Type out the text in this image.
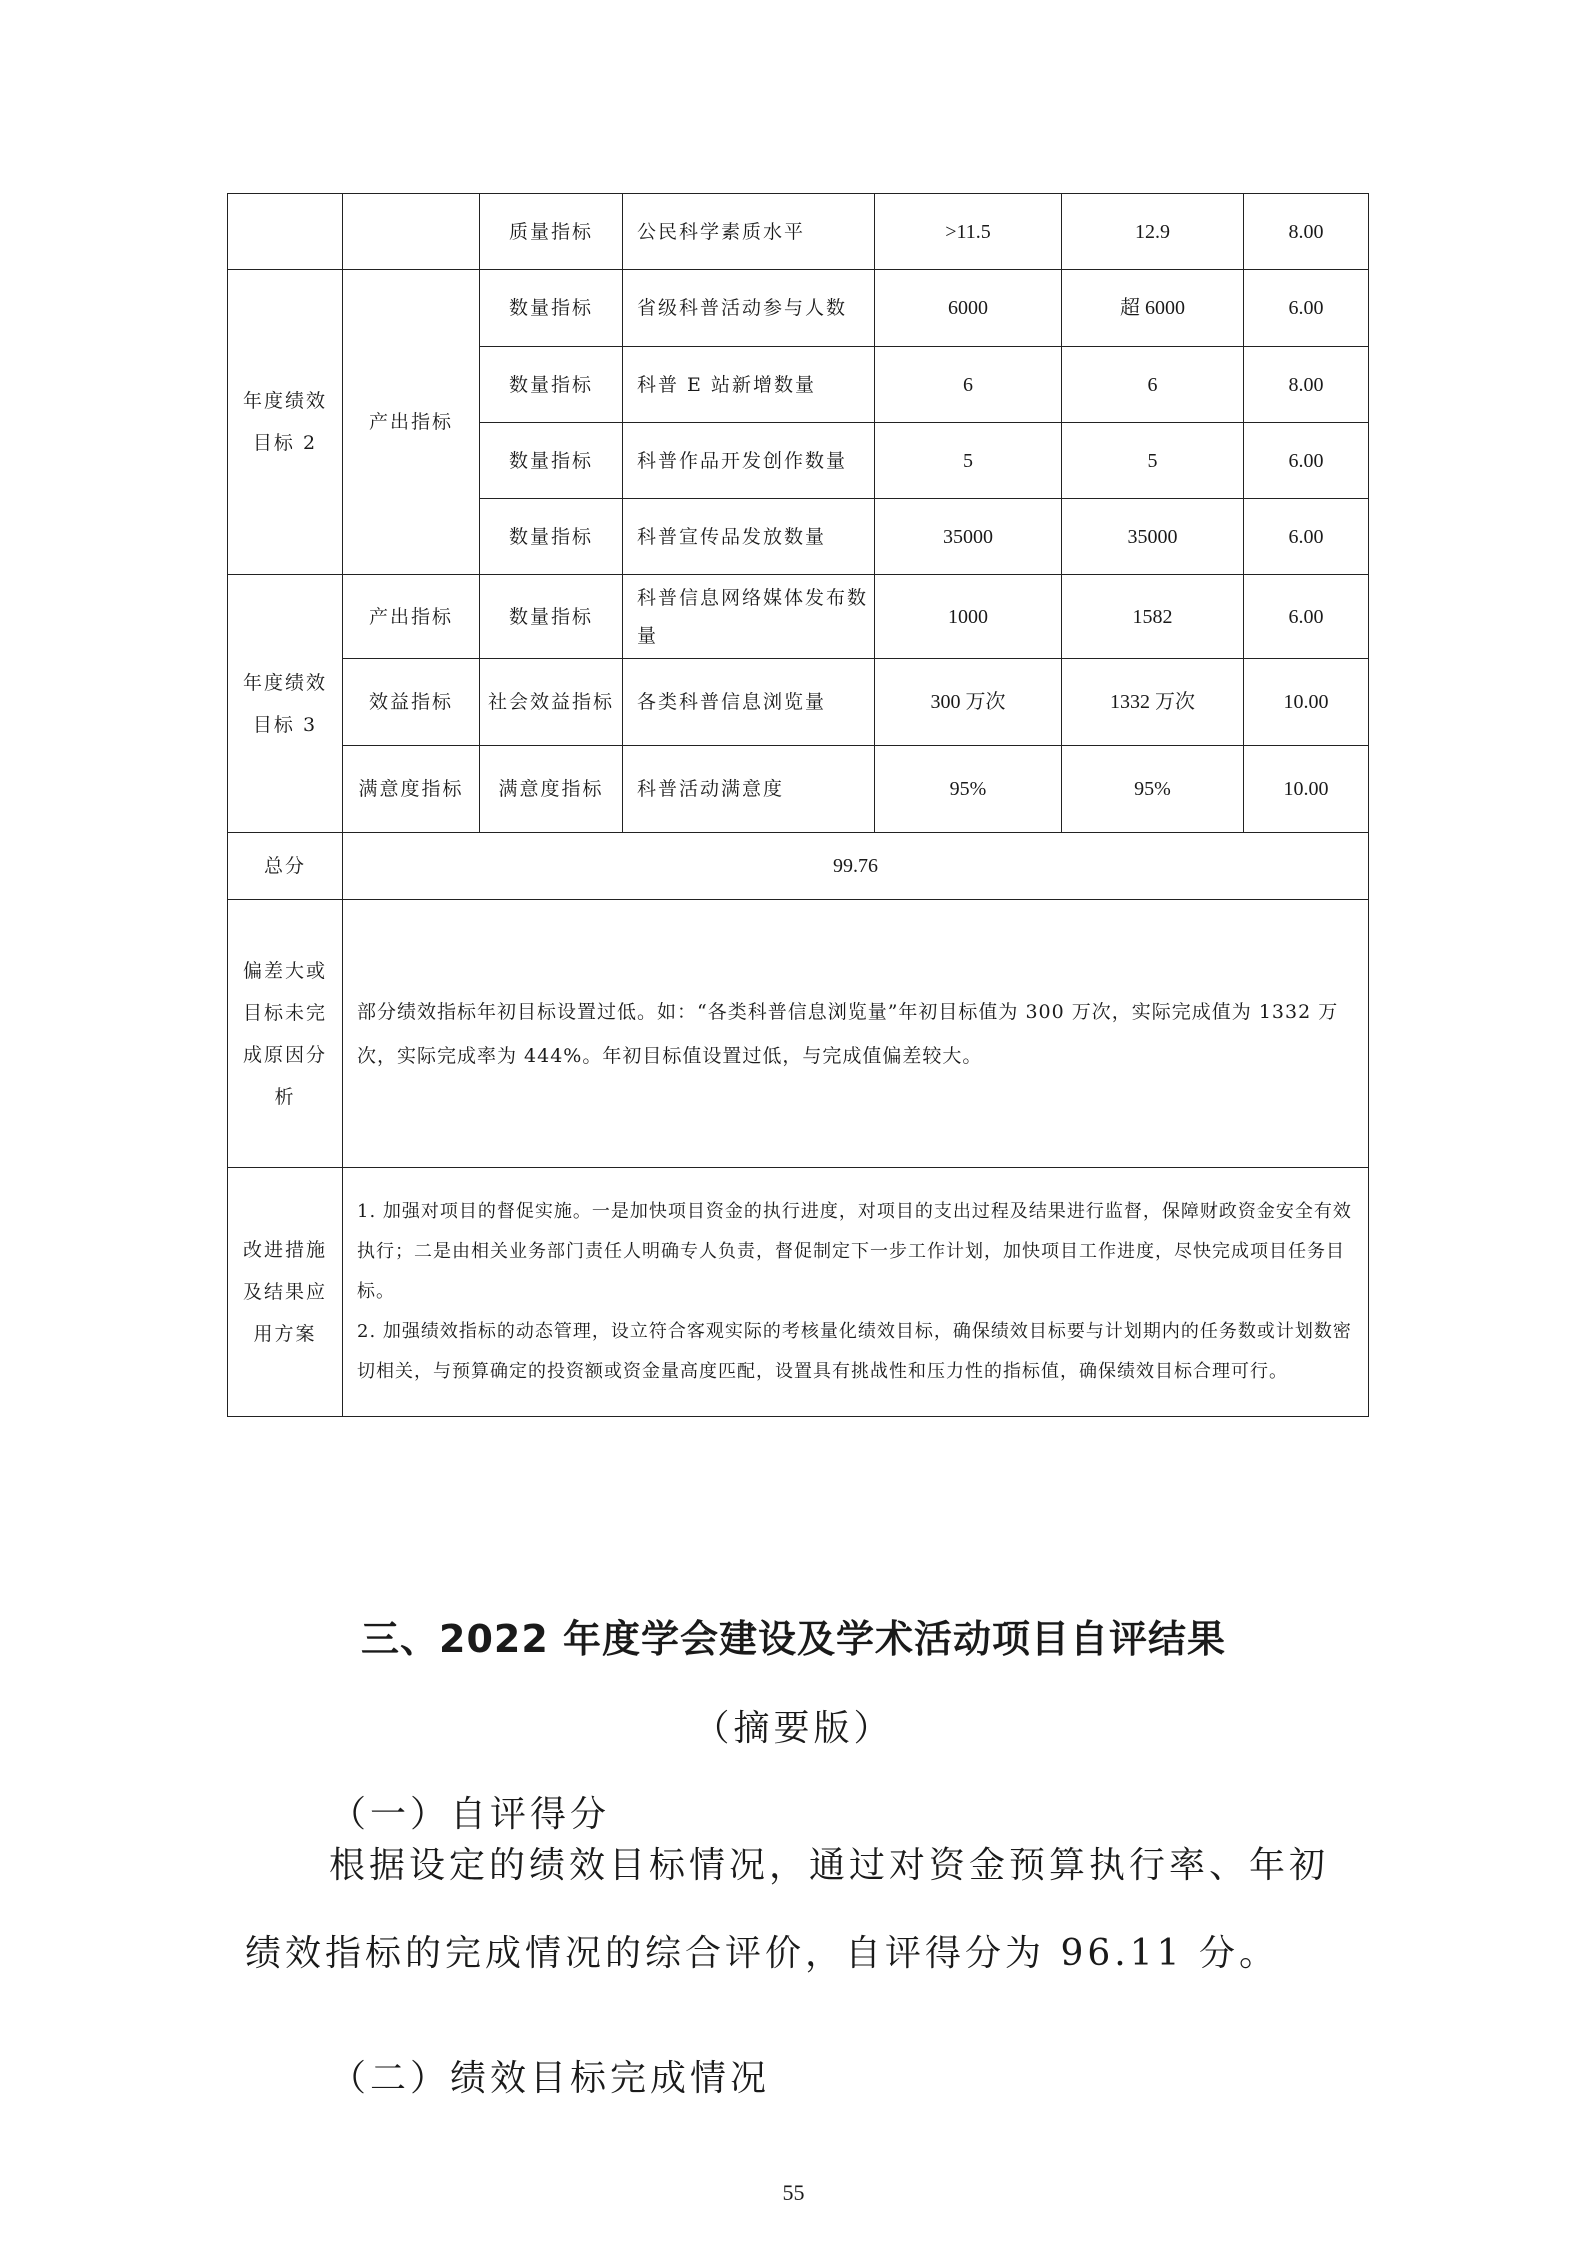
		质量指标	公民科学素质水平	>11.5	12.9	8.00
年度绩效目标 2	产出指标	数量指标	省级科普活动参与人数	6000	超 6000	6.00
		数量指标	科普 E 站新增数量	6	6	8.00
		数量指标	科普作品开发创作数量	5	5	6.00
		数量指标	科普宣传品发放数量	35000	35000	6.00
年度绩效目标 3	产出指标	数量指标	科普信息网络媒体发布数量	1000	1582	6.00
	效益指标	社会效益指标	各类科普信息浏览量	300 万次	1332 万次	10.00
	满意度指标	满意度指标	科普活动满意度	95%	95%	10.00
总分	99.76					
偏差大或目标未完成原因分析	部分绩效指标年初目标设置过低。如：“各类科普信息浏览量”年初目标值为 300 万次，实际完成值为 1332 万次，实际完成率为 444%。年初目标值设置过低，与完成值偏差较大。					
改进措施及结果应用方案	1. 加强对项目的督促实施。一是加快项目资金的执行进度，对项目的支出过程及结果进行监督，保障财政资金安全有效执行；二是由相关业务部门责任人明确专人负责，督促制定下一步工作计划，加快项目工作进度，尽快完成项目任务目标。
2. 加强绩效指标的动态管理，设立符合客观实际的考核量化绩效目标，确保绩效目标要与计划期内的任务数或计划数密切相关，与预算确定的投资额或资金量高度匹配，设置具有挑战性和压力性的指标值，确保绩效目标合理可行。					
三、2022 年度学会建设及学术活动项目自评结果
（摘要版）
（一）自评得分

根据设定的绩效目标情况，通过对资金预算执行率、年初绩效指标的完成情况的综合评价，自评得分为 96.11 分。

（二）绩效目标完成情况
55
